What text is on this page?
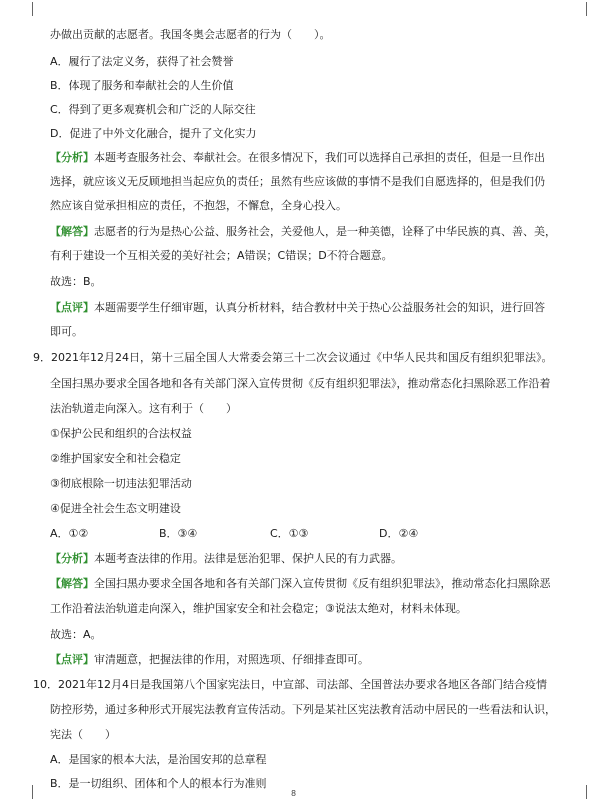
办做出贡献的志愿者。我国冬奥会志愿者的行为（　　）。
A．履行了法定义务，获得了社会赞誉
B．体现了服务和奉献社会的人生价值
C．得到了更多观赛机会和广泛的人际交往
D．促进了中外文化融合，提升了文化实力
【分析】本题考查服务社会、奉献社会。在很多情况下，我们可以选择自己承担的责任，但是一旦作出
选择，就应该义无反顾地担当起应负的责任；虽然有些应该做的事情不是我们自愿选择的，但是我们仍
然应该自觉承担相应的责任，不抱怨，不懈怠，全身心投入。
【解答】志愿者的行为是热心公益、服务社会，关爱他人，是一种美德，诠释了中华民族的真、善、美，
有利于建设一个互相关爱的美好社会；A错误；C错误；D不符合题意。
故选：B。
【点评】本题需要学生仔细审题，认真分析材料，结合教材中关于热心公益服务社会的知识，进行回答
即可。
9．2021年12月24日，第十三届全国人大常委会第三十二次会议通过《中华人民共和国反有组织犯罪法》。
全国扫黑办要求全国各地和各有关部门深入宣传贯彻《反有组织犯罪法》，推动常态化扫黑除恶工作沿着
法治轨道走向深入。这有利于（　　）
①保护公民和组织的合法权益
②维护国家安全和社会稳定
③彻底根除一切违法犯罪活动
④促进全社会生态文明建设
A．①②	B．③④	C．①③	D．②④
【分析】本题考查法律的作用。法律是惩治犯罪、保护人民的有力武器。
【解答】全国扫黑办要求全国各地和各有关部门深入宣传贯彻《反有组织犯罪法》，推动常态化扫黑除恶
工作沿着法治轨道走向深入，维护国家安全和社会稳定；③说法太绝对，材料未体现。
故选：A。
【点评】审清题意，把握法律的作用，对照选项、仔细排查即可。
10．2021年12月4日是我国第八个国家宪法日，中宣部、司法部、全国普法办要求各地区各部门结合疫情
防控形势，通过多种形式开展宪法教育宣传活动。下列是某社区宪法教育活动中居民的一些看法和认识，
宪法（　　）
A．是国家的根本大法，是治国安邦的总章程
B．是一切组织、团体和个人的根本行为准则
8
